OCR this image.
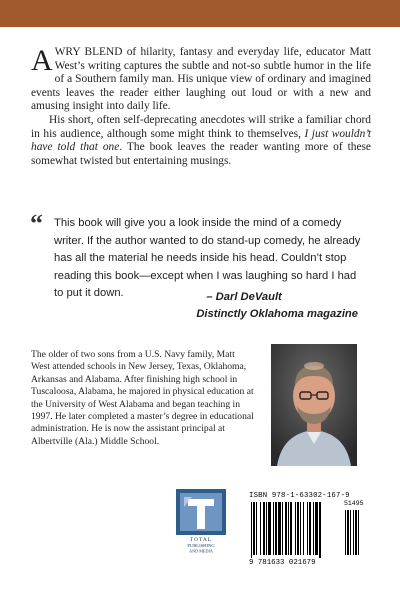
AWRY BLEND of hilarity, fantasy and everyday life, educator Matt West’s writing captures the subtle and not-so subtle humor in the life of a Southern family man. His unique view of ordinary and imagined events leaves the reader either laughing out loud or with a new and amusing insight into daily life.

His short, often self-deprecating anecdotes will strike a familiar chord in his audience, although some might think to themselves, I just wouldn’t have told that one. The book leaves the reader wanting more of these somewhat twisted but entertaining musings.

“ This book will give you a look inside the mind of a comedy writer. If the author wanted to do stand-up comedy, he already has all the material he needs inside his head. Couldn’t stop reading this book—except when I was laughing so hard I had to put it down.	– Darl DeVault
Distinctly Oklahoma magazine
The older of two sons from a U.S. Navy family, Matt West attended schools in New Jersey, Texas, Oklahoma, Arkansas and Alabama. After finishing high school in Tuscaloosa, Alabama, he majored in physical education at the University of West Alabama and began teaching in 1997. He later completed a master’s degree in educational administration. He is now the assistant principal at Albertville (Ala.) Middle School.
TOTAL
PUBLISHING
AND MEDIA
ISBN 978-1-63302-167-9
51495
9 781633 021679
